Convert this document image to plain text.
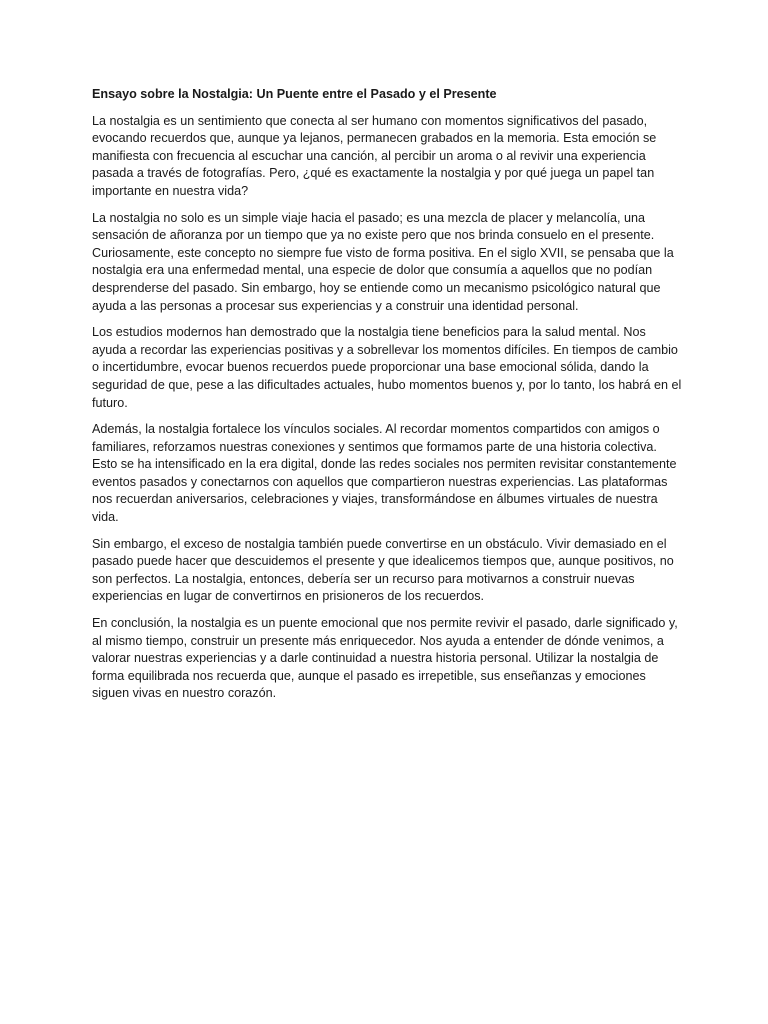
Ensayo sobre la Nostalgia: Un Puente entre el Pasado y el Presente

La nostalgia es un sentimiento que conecta al ser humano con momentos significativos del pasado, evocando recuerdos que, aunque ya lejanos, permanecen grabados en la memoria. Esta emoción se manifiesta con frecuencia al escuchar una canción, al percibir un aroma o al revivir una experiencia pasada a través de fotografías. Pero, ¿qué es exactamente la nostalgia y por qué juega un papel tan importante en nuestra vida?

La nostalgia no solo es un simple viaje hacia el pasado; es una mezcla de placer y melancolía, una sensación de añoranza por un tiempo que ya no existe pero que nos brinda consuelo en el presente. Curiosamente, este concepto no siempre fue visto de forma positiva. En el siglo XVII, se pensaba que la nostalgia era una enfermedad mental, una especie de dolor que consumía a aquellos que no podían desprenderse del pasado. Sin embargo, hoy se entiende como un mecanismo psicológico natural que ayuda a las personas a procesar sus experiencias y a construir una identidad personal.

Los estudios modernos han demostrado que la nostalgia tiene beneficios para la salud mental. Nos ayuda a recordar las experiencias positivas y a sobrellevar los momentos difíciles. En tiempos de cambio o incertidumbre, evocar buenos recuerdos puede proporcionar una base emocional sólida, dando la seguridad de que, pese a las dificultades actuales, hubo momentos buenos y, por lo tanto, los habrá en el futuro.

Además, la nostalgia fortalece los vínculos sociales. Al recordar momentos compartidos con amigos o familiares, reforzamos nuestras conexiones y sentimos que formamos parte de una historia colectiva. Esto se ha intensificado en la era digital, donde las redes sociales nos permiten revisitar constantemente eventos pasados y conectarnos con aquellos que compartieron nuestras experiencias. Las plataformas nos recuerdan aniversarios, celebraciones y viajes, transformándose en álbumes virtuales de nuestra vida.

Sin embargo, el exceso de nostalgia también puede convertirse en un obstáculo. Vivir demasiado en el pasado puede hacer que descuidemos el presente y que idealicemos tiempos que, aunque positivos, no son perfectos. La nostalgia, entonces, debería ser un recurso para motivarnos a construir nuevas experiencias en lugar de convertirnos en prisioneros de los recuerdos.

En conclusión, la nostalgia es un puente emocional que nos permite revivir el pasado, darle significado y, al mismo tiempo, construir un presente más enriquecedor. Nos ayuda a entender de dónde venimos, a valorar nuestras experiencias y a darle continuidad a nuestra historia personal. Utilizar la nostalgia de forma equilibrada nos recuerda que, aunque el pasado es irrepetible, sus enseñanzas y emociones siguen vivas en nuestro corazón.
